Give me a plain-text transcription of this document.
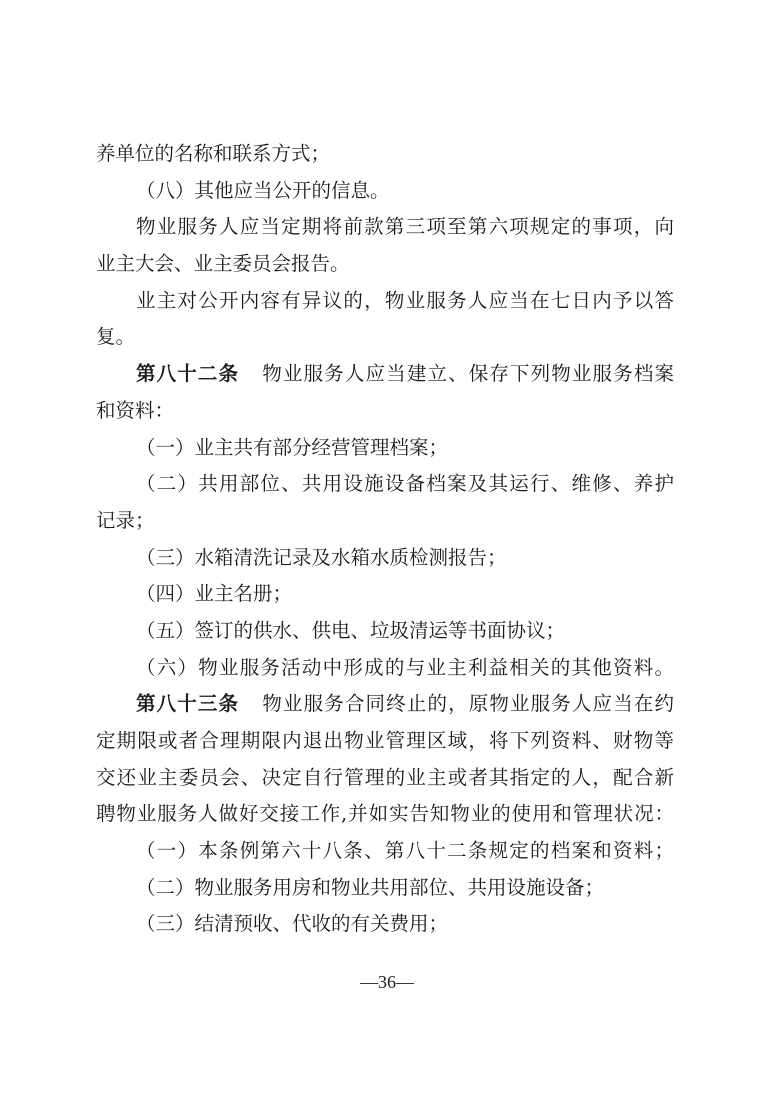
养单位的名称和联系方式；
（八）其他应当公开的信息。
物业服务人应当定期将前款第三项至第六项规定的事项，向
业主大会、业主委员会报告。
业主对公开内容有异议的，物业服务人应当在七日内予以答
复。
第八十二条 物业服务人应当建立、保存下列物业服务档案
和资料：
（一）业主共有部分经营管理档案；
（二）共用部位、共用设施设备档案及其运行、维修、养护
记录；
（三）水箱清洗记录及水箱水质检测报告；
（四）业主名册；
（五）签订的供水、供电、垃圾清运等书面协议；
（六）物业服务活动中形成的与业主利益相关的其他资料。
第八十三条 物业服务合同终止的，原物业服务人应当在约
定期限或者合理期限内退出物业管理区域，将下列资料、财物等
交还业主委员会、决定自行管理的业主或者其指定的人，配合新
聘物业服务人做好交接工作,并如实告知物业的使用和管理状况：
（一）本条例第六十八条、第八十二条规定的档案和资料；
（二）物业服务用房和物业共用部位、共用设施设备；
（三）结清预收、代收的有关费用；
—36—
